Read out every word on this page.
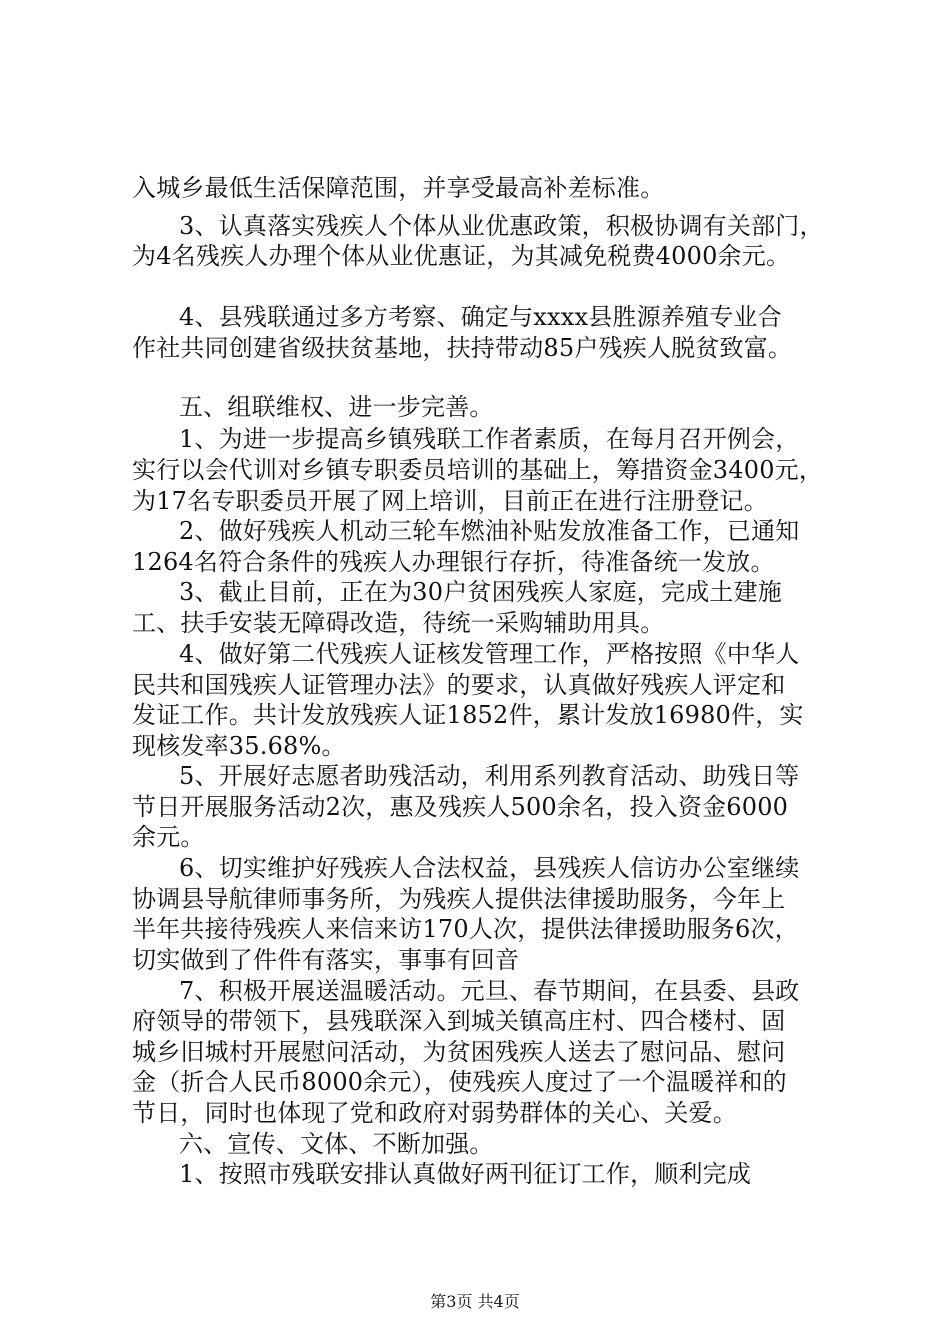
入城乡最低生活保障范围，并享受最高补差标准。

3、认真落实残疾人个体从业优惠政策，积极协调有关部门，

为4名残疾人办理个体从业优惠证，为其减免税费4000余元。

4、县残联通过多方考察、确定与xxxx县胜源养殖专业合

作社共同创建省级扶贫基地，扶持带动85户残疾人脱贫致富。

五、组联维权、进一步完善。

1、为进一步提高乡镇残联工作者素质，在每月召开例会，

实行以会代训对乡镇专职委员培训的基础上，筹措资金3400元，

为17名专职委员开展了网上培训，目前正在进行注册登记。

2、做好残疾人机动三轮车燃油补贴发放准备工作，已通知

1264名符合条件的残疾人办理银行存折，待准备统一发放。

3、截止目前，正在为30户贫困残疾人家庭，完成土建施

工、扶手安装无障碍改造，待统一采购辅助用具。

4、做好第二代残疾人证核发管理工作，严格按照《中华人

民共和国残疾人证管理办法》的要求，认真做好残疾人评定和

发证工作。共计发放残疾人证1852件，累计发放16980件，实

现核发率35.68%。

5、开展好志愿者助残活动，利用系列教育活动、助残日等

节日开展服务活动2次，惠及残疾人500余名，投入资金6000

余元。

6、切实维护好残疾人合法权益，县残疾人信访办公室继续

协调县导航律师事务所，为残疾人提供法律援助服务，今年上

半年共接待残疾人来信来访170人次，提供法律援助服务6次，

切实做到了件件有落实，事事有回音

7、积极开展送温暖活动。元旦、春节期间，在县委、县政

府领导的带领下，县残联深入到城关镇高庄村、四合楼村、固

城乡旧城村开展慰问活动，为贫困残疾人送去了慰问品、慰问

金（折合人民币8000余元），使残疾人度过了一个温暖祥和的

节日，同时也体现了党和政府对弱势群体的关心、关爱。

六、宣传、文体、不断加强。

1、按照市残联安排认真做好两刊征订工作，顺利完成

第3页 共4页
